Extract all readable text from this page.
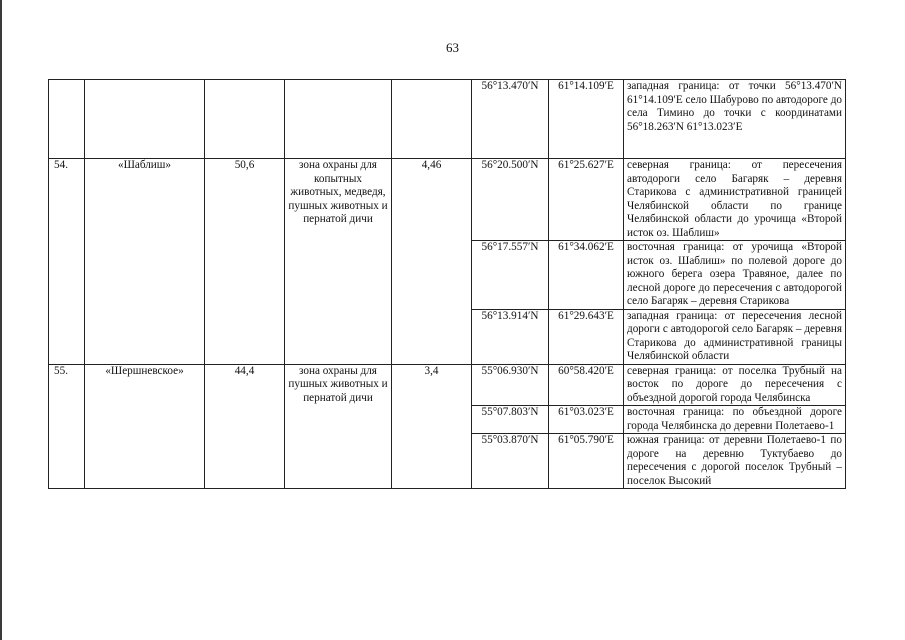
63
					56°13.470′N	61°14.109′E	западная граница: от точки 56°13.470′N 61°14.109′E село Шабурово по автодороге до села Тимино до точки с координатами 56°18.263′N 61°13.023′E
54.	«Шаблиш»	50,6	зона охраны для копытных животных, медведя, пушных животных и пернатой дичи	4,46	56°20.500′N	61°25.627′E	северная граница: от пересечения автодороги село Багаряк – деревня Старикова с административной границей Челябинской области по границе Челябинской области до урочища «Второй исток оз. Шаблиш»
					56°17.557′N	61°34.062′E	восточная граница: от урочища «Второй исток оз. Шаблиш» по полевой дороге до южного берега озера Травяное, далее по лесной дороге до пересечения с автодорогой село Багаряк – деревня Старикова
					56°13.914′N	61°29.643′E	западная граница: от пересечения лесной дороги с автодорогой село Багаряк – деревня Старикова до административной границы Челябинской области
55.	«Шершневское»	44,4	зона охраны для пушных животных и пернатой дичи	3,4	55°06.930′N	60°58.420′E	северная граница: от поселка Трубный на восток по дороге до пересечения с объездной дорогой города Челябинска
					55°07.803′N	61°03.023′E	восточная граница: по объездной дороге города Челябинска до деревни Полетаево-1
					55°03.870′N	61°05.790′E	южная граница: от деревни Полетаево-1 по дороге на деревню Туктубаево до пересечения с дорогой поселок Трубный – поселок Высокий
